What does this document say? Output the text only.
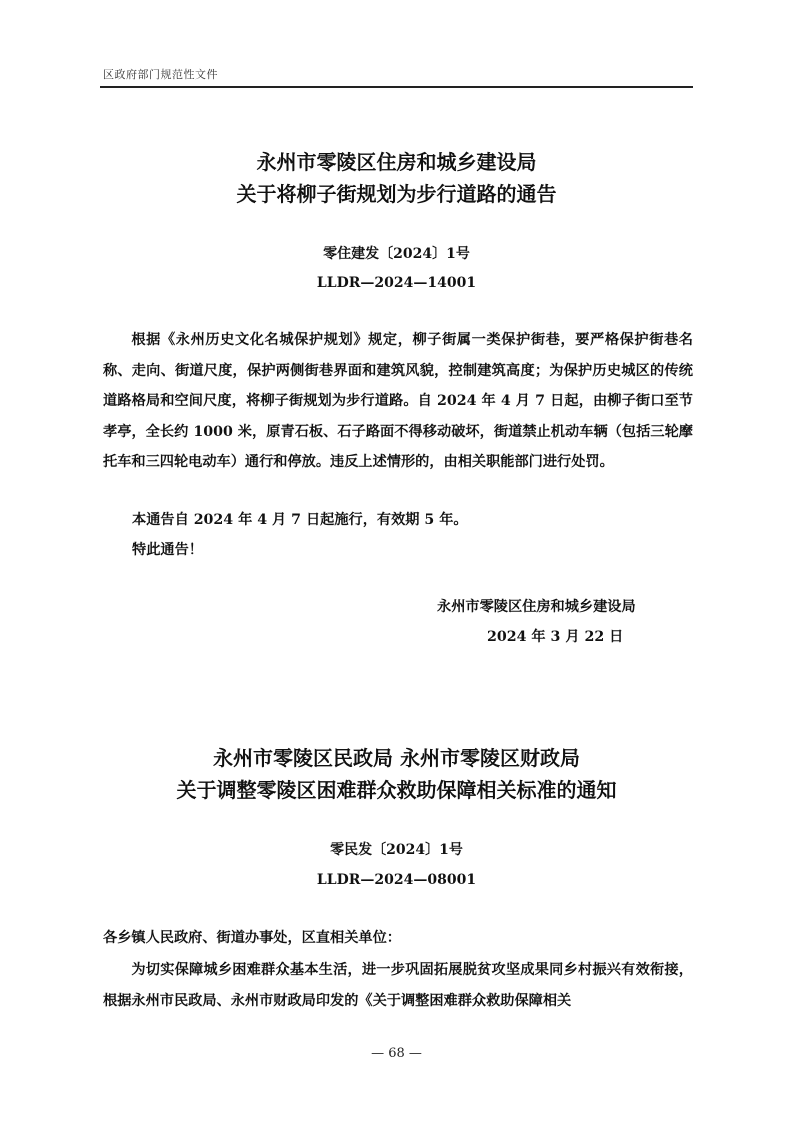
区政府部门规范性文件
永州市零陵区住房和城乡建设局
关于将柳子街规划为步行道路的通告
零住建发〔2024〕1号
LLDR—2024—14001

根据《永州历史文化名城保护规划》规定，柳子街属一类保护街巷，要严格保护街巷名称、走向、街道尺度，保护两侧街巷界面和建筑风貌，控制建筑高度；为保护历史城区的传统道路格局和空间尺度，将柳子街规划为步行道路。自 2024 年 4 月 7 日起，由柳子街口至节孝亭，全长约 1000 米，原青石板、石子路面不得移动破坏，街道禁止机动车辆（包括三轮摩托车和三四轮电动车）通行和停放。违反上述情形的，由相关职能部门进行处罚。

本通告自 2024 年 4 月 7 日起施行，有效期 5 年。
特此通告！
永州市零陵区住房和城乡建设局
2024 年 3 月 22 日
永州市零陵区民政局 永州市零陵区财政局
关于调整零陵区困难群众救助保障相关标准的通知
零民发〔2024〕1号
LLDR—2024—08001
各乡镇人民政府、街道办事处，区直相关单位：

为切实保障城乡困难群众基本生活，进一步巩固拓展脱贫攻坚成果同乡村振兴有效衔接，根据永州市民政局、永州市财政局印发的《关于调整困难群众救助保障相关

— 68 —
